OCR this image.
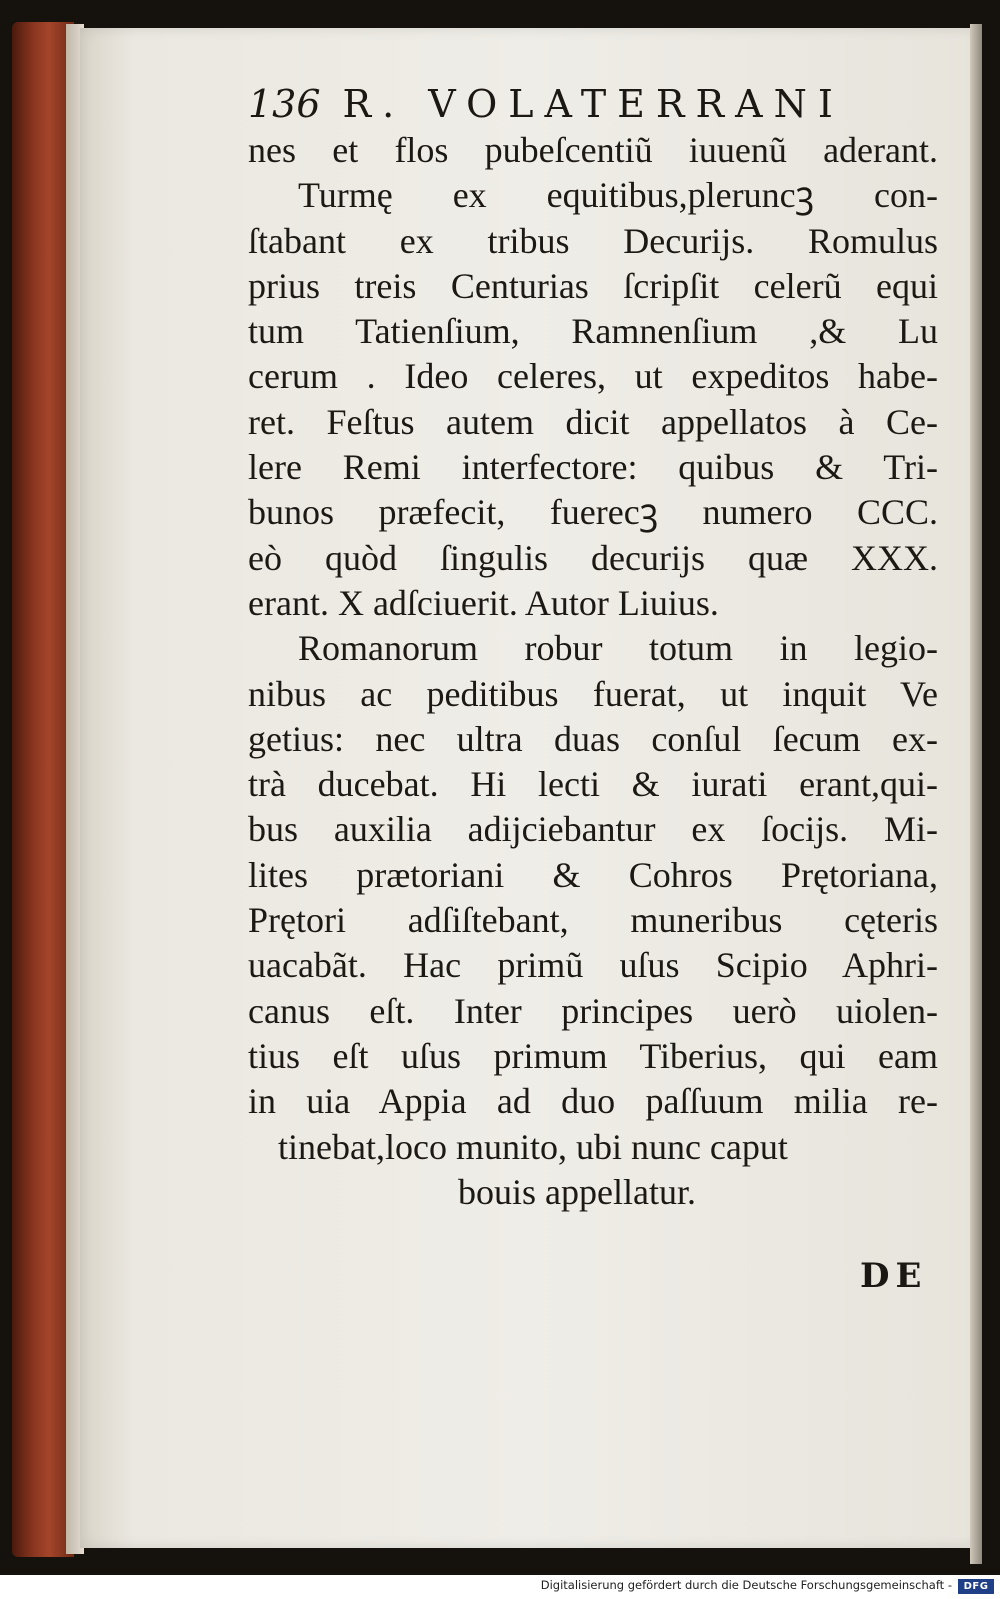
136 R. VOLATERRANI
nes et flos pubeſcentiũ iuuenũ aderant.
Turmę ex equitibus,pleruncꝫ con-
ſtabant ex tribus Decurijs. Romulus
prius treis Centurias ſcripſit celerũ equi
tum Tatienſium, Ramnenſium ,& Lu
cerum . Ideo celeres, ut expeditos habe-
ret. Feſtus autem dicit appellatos à Ce-
lere Remi interfectore: quibus & Tri-
bunos præfecit, fuerecꝫ numero CCC.
eò quòd ſingulis decurijs quæ XXX.
erant. X adſciuerit. Autor Liuius.
Romanorum robur totum in legio-
nibus ac peditibus fuerat, ut inquit Ve
getius: nec ultra duas conſul ſecum ex-
trà ducebat. Hi lecti & iurati erant,qui-
bus auxilia adijciebantur ex ſocijs. Mi-
lites prætoriani & Cohros Prętoriana,
Prętori adſiſtebant, muneribus cęteris
uacabãt. Hac primũ uſus Scipio Aphri-
canus eſt. Inter principes uerò uiolen-
tius eſt uſus primum Tiberius, qui eam
in uia Appia ad duo paſſuum milia re-
tinebat,loco munito, ubi nunc caput
bouis appellatur.
DE
Digitalisierung gefördert durch die Deutsche Forschungsgemeinschaft -	DFG
